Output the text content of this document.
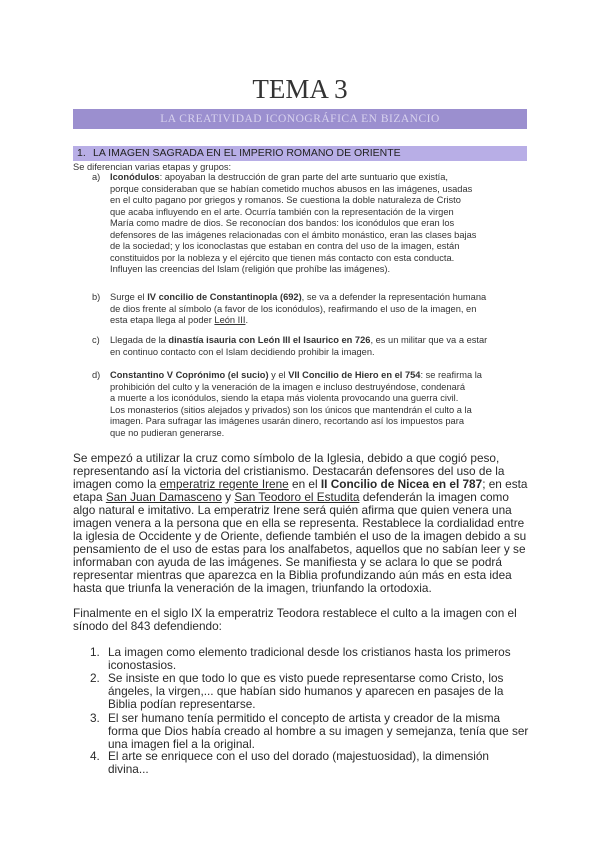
TEMA 3
LA CREATIVIDAD ICONOGRÁFICA EN BIZANCIO
1. LA IMAGEN SAGRADA EN EL IMPERIO ROMANO DE ORIENTE
Se diferencian varias etapas y grupos:
a) Iconódulos: apoyaban la destrucción de gran parte del arte suntuario que existía,
porque consideraban que se habían cometido muchos abusos en las imágenes, usadas
en el culto pagano por griegos y romanos. Se cuestiona la doble naturaleza de Cristo
que acaba influyendo en el arte. Ocurría también con la representación de la virgen
María como madre de dios. Se reconocían dos bandos: los iconódulos que eran los
defensores de las imágenes relacionadas con el ámbito monástico, eran las clases bajas
de la sociedad; y los iconoclastas que estaban en contra del uso de la imagen, están
constituidos por la nobleza y el ejército que tienen más contacto con esta conducta.
Influyen las creencias del Islam (religión que prohíbe las imágenes).
b) Surge el IV concilio de Constantinopla (692), se va a defender la representación humana
de dios frente al símbolo (a favor de los iconódulos), reafirmando el uso de la imagen, en
esta etapa llega al poder León III.
c) Llegada de la dinastía isauria con León III el Isaurico en 726, es un militar que va a estar
en continuo contacto con el Islam decidiendo prohibir la imagen.
d) Constantino V Coprónimo (el sucio) y el VII Concilio de Hiero en el 754: se reafirma la
prohibición del culto y la veneración de la imagen e incluso destruyéndose, condenará
a muerte a los iconódulos, siendo la etapa más violenta provocando una guerra civil.
Los monasterios (sitios alejados y privados) son los únicos que mantendrán el culto a la
imagen. Para sufragar las imágenes usarán dinero, recortando así los impuestos para
que no pudieran generarse.
Se empezó a utilizar la cruz como símbolo de la Iglesia, debido a que cogió peso,
representando así la victoria del cristianismo. Destacarán defensores del uso de la
imagen como la emperatriz regente Irene en el II Concilio de Nicea en el 787; en esta
etapa San Juan Damasceno y San Teodoro el Estudita defenderán la imagen como
algo natural e imitativo. La emperatriz Irene será quién afirma que quien venera una
imagen venera a la persona que en ella se representa. Restablece la cordialidad entre
la iglesia de Occidente y de Oriente, defiende también el uso de la imagen debido a su
pensamiento de el uso de estas para los analfabetos, aquellos que no sabían leer y se
informaban con ayuda de las imágenes. Se manifiesta y se aclara lo que se podrá
representar mientras que aparezca en la Biblia profundizando aún más en esta idea
hasta que triunfa la veneración de la imagen, triunfando la ortodoxia.
Finalmente en el siglo IX la emperatriz Teodora restablece el culto a la imagen con el
sínodo del 843 defendiendo:
1. La imagen como elemento tradicional desde los cristianos hasta los primeros
iconostasios.
2. Se insiste en que todo lo que es visto puede representarse como Cristo, los
ángeles, la virgen,... que habían sido humanos y aparecen en pasajes de la
Biblia podían representarse.
3. El ser humano tenía permitido el concepto de artista y creador de la misma
forma que Dios había creado al hombre a su imagen y semejanza, tenía que ser
una imagen fiel a la original.
4. El arte se enriquece con el uso del dorado (majestuosidad), la dimensión
divina...
